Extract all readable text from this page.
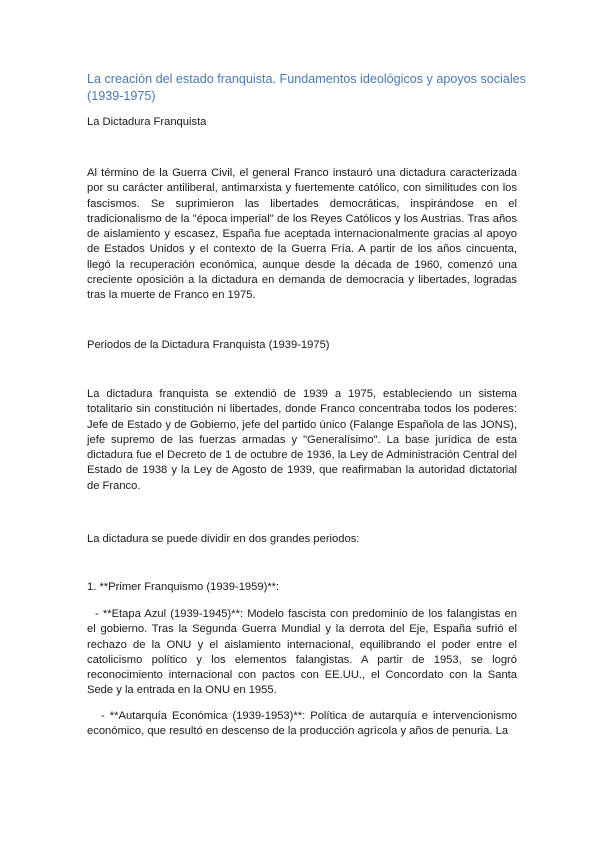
La creación del estado franquista. Fundamentos ideológicos y apoyos sociales (1939-1975)
La Dictadura Franquista

Al término de la Guerra Civil, el general Franco instauró una dictadura caracterizada por su carácter antiliberal, antimarxista y fuertemente católico, con similitudes con los fascismos. Se suprimieron las libertades democráticas, inspirándose en el tradicionalismo de la "época imperial" de los Reyes Católicos y los Austrias. Tras años de aislamiento y escasez, España fue aceptada internacionalmente gracias al apoyo de Estados Unidos y el contexto de la Guerra Fría. A partir de los años cincuenta, llegó la recuperación económica, aunque desde la década de 1960, comenzó una creciente oposición a la dictadura en demanda de democracia y libertades, logradas tras la muerte de Franco en 1975.

Periodos de la Dictadura Franquista (1939-1975)

La dictadura franquista se extendió de 1939 a 1975, estableciendo un sistema totalitario sin constitución ni libertades, donde Franco concentraba todos los poderes: Jefe de Estado y de Gobierno, jefe del partido único (Falange Española de las JONS), jefe supremo de las fuerzas armadas y "Generalísimo". La base jurídica de esta dictadura fue el Decreto de 1 de octubre de 1936, la Ley de Administración Central del Estado de 1938 y la Ley de Agosto de 1939, que reafirmaban la autoridad dictatorial de Franco.

La dictadura se puede dividir en dos grandes periodos:

1. **Primer Franquismo (1939-1959)**:

- **Etapa Azul (1939-1945)**: Modelo fascista con predominio de los falangistas en el gobierno. Tras la Segunda Guerra Mundial y la derrota del Eje, España sufrió el rechazo de la ONU y el aislamiento internacional, equilibrando el poder entre el catolicismo político y los elementos falangistas. A partir de 1953, se logró reconocimiento internacional con pactos con EE.UU., el Concordato con la Santa Sede y la entrada en la ONU en 1955.

- **Autarquía Económica (1939-1953)**: Política de autarquía e intervencionismo económico, que resultó en descenso de la producción agrícola y años de penuria. La
